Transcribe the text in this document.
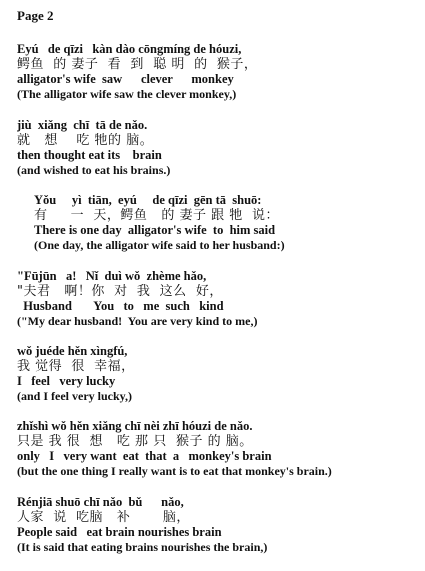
Page 2
Eyú   de qīzi   kàn dào cōngmíng de hóuzi,
鳄鱼  的 妻子  看  到  聪 明  的  猴子，
alligator's wife  saw      clever      monkey
(The alligator wife saw the clever monkey,)
jiù  xiǎng  chī  tā de nǎo.
就   想    吃 牠的 脑。
then thought eat its    brain
(and wished to eat his brains.)
Yǒu     yì  tiān,  eyú     de qīzi  gēn tā  shuō:
有     一  天，鳄鱼   的 妻子 跟 牠  说：
There is one day  alligator's wife  to  him said
(One day, the alligator wife said to her husband:)
"Fūjūn   a!   Nǐ  duì wǒ  zhème hǎo,
"夫君   啊！你  对  我  这么  好，
Husband       You   to   me  such   kind
("My dear husband!  You are very kind to me,)
wǒ juéde hěn xìngfú,
我 觉得  很  幸福，
I   feel   very lucky
(and I feel very lucky,)
zhǐshì wǒ hěn xiǎng chī nèi zhī hóuzi de nǎo.
只是 我 很  想   吃 那 只  猴子 的 脑。
only   I   very want  eat  that  a   monkey's brain
(but the one thing I really want is to eat that monkey's brain.)
Rénjiā shuō chī nǎo  bǔ      nǎo,
人家  说  吃脑   补       脑，
People said   eat brain nourishes brain
(It is said that eating brains nourishes the brain,)
